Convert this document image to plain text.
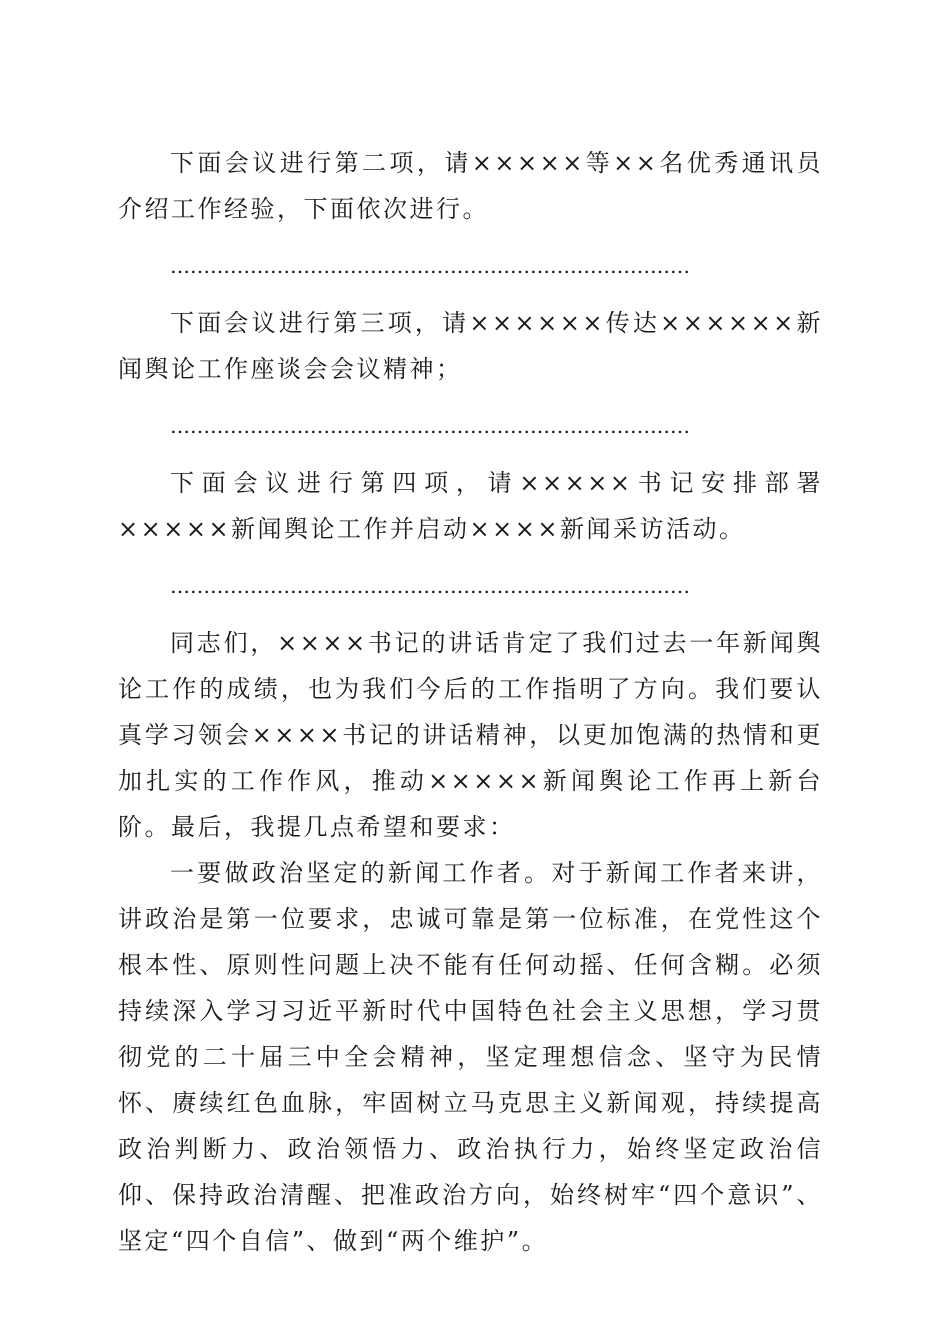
下面会议进行第二项，请×××××等××名优秀通讯员介绍工作经验，下面依次进行。

……………………………………………………………………

下面会议进行第三项，请××××××传达××××××新闻舆论工作座谈会会议精神；

……………………………………………………………………

下面会议进行第四项，请×××××书记安排部署×××××新闻舆论工作并启动××××新闻采访活动。

……………………………………………………………………

同志们，××××书记的讲话肯定了我们过去一年新闻舆论工作的成绩，也为我们今后的工作指明了方向。我们要认真学习领会××××书记的讲话精神，以更加饱满的热情和更加扎实的工作作风，推动×××××新闻舆论工作再上新台阶。最后，我提几点希望和要求：

一要做政治坚定的新闻工作者。对于新闻工作者来讲，讲政治是第一位要求，忠诚可靠是第一位标准，在党性这个根本性、原则性问题上决不能有任何动摇、任何含糊。必须持续深入学习习近平新时代中国特色社会主义思想，学习贯彻党的二十届三中全会精神，坚定理想信念、坚守为民情怀、赓续红色血脉，牢固树立马克思主义新闻观，持续提高政治判断力、政治领悟力、政治执行力，始终坚定政治信仰、保持政治清醒、把准政治方向，始终树牢“四个意识”、坚定“四个自信”、做到“两个维护”。
